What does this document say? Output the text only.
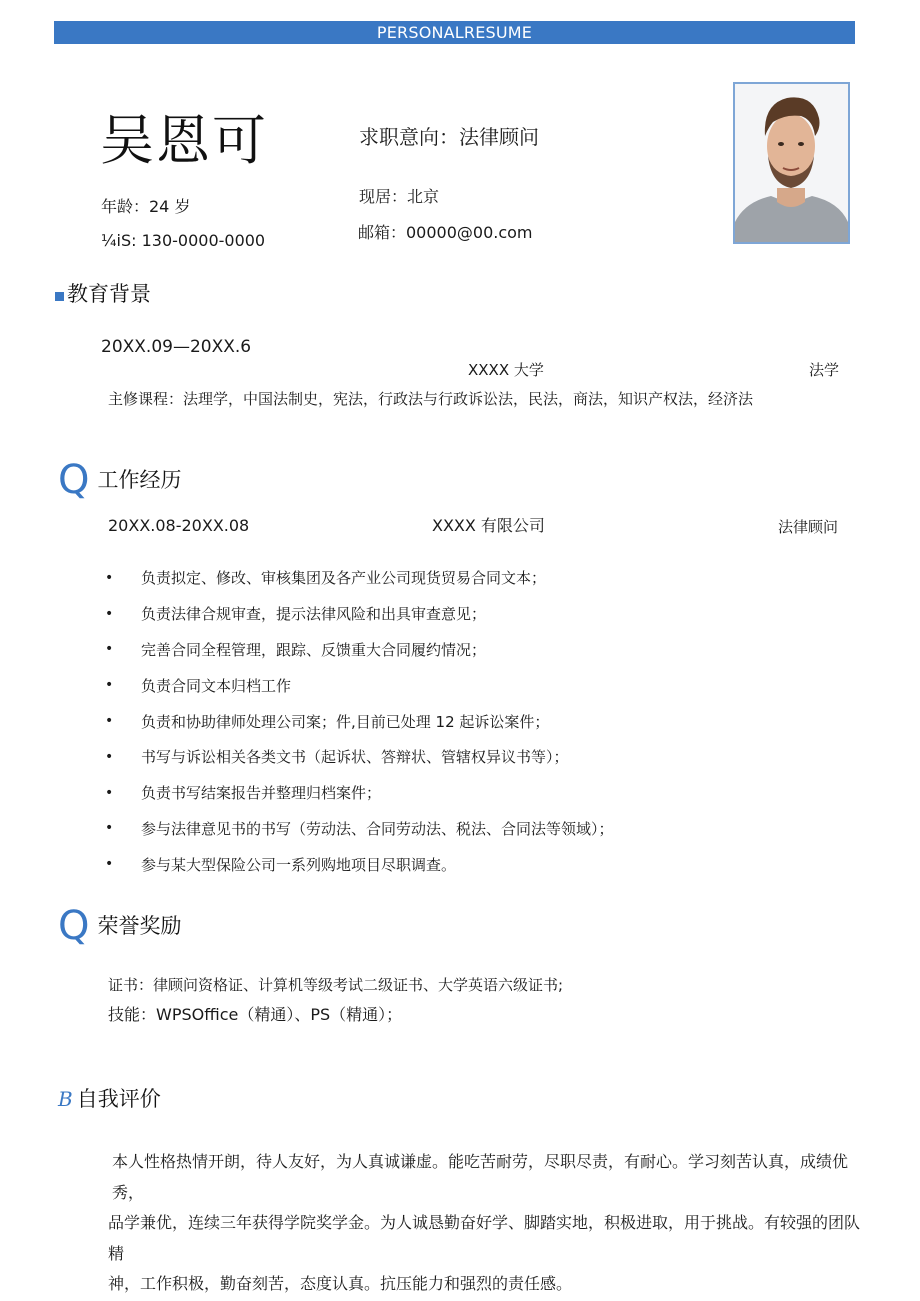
PERSONALRESUME
吴恩可
年龄：24 岁
¼iS: 130-0000-0000
求职意向：法律顾问
现居：北京
邮箱：00000@00.com
教育背景
20XX.09—20XX.6
XXXX 大学	法学
主修课程：法理学，中国法制史，宪法，行政法与行政诉讼法，民法，商法，知识产权法，经济法
Q 工作经历
20XX.08-20XX.08	XXXX 有限公司	法律顾问
•	负责拟定、修改、审核集团及各产业公司现货贸易合同文本；
•	负责法律合规审查，提示法律风险和出具审查意见；
•	完善合同全程管理，跟踪、反馈重大合同履约情况；
•	负责合同文本归档工作
•	负责和协助律师处理公司案；件,目前已处理 12 起诉讼案件；
•	书写与诉讼相关各类文书（起诉状、答辩状、管辖权异议书等）；
•	负责书写结案报告并整理归档案件；
•	参与法律意见书的书写（劳动法、合同劳动法、税法、合同法等领域）；
•	参与某大型保险公司一系列购地项目尽职调查。
Q 荣誉奖励
证书：律顾问资格证、计算机等级考试二级证书、大学英语六级证书;
技能：WPSOffice（精通）、PS（精通）；
B 自我评价
本人性格热情开朗，待人友好，为人真诚谦虚。能吃苦耐劳，尽职尽责，有耐心。学习刻苦认真，成绩优秀，
品学兼优，连续三年获得学院奖学金。为人诚恳勤奋好学、脚踏实地，积极进取，用于挑战。有较强的团队精
神，工作积极，勤奋刻苦，态度认真。抗压能力和强烈的责任感。
